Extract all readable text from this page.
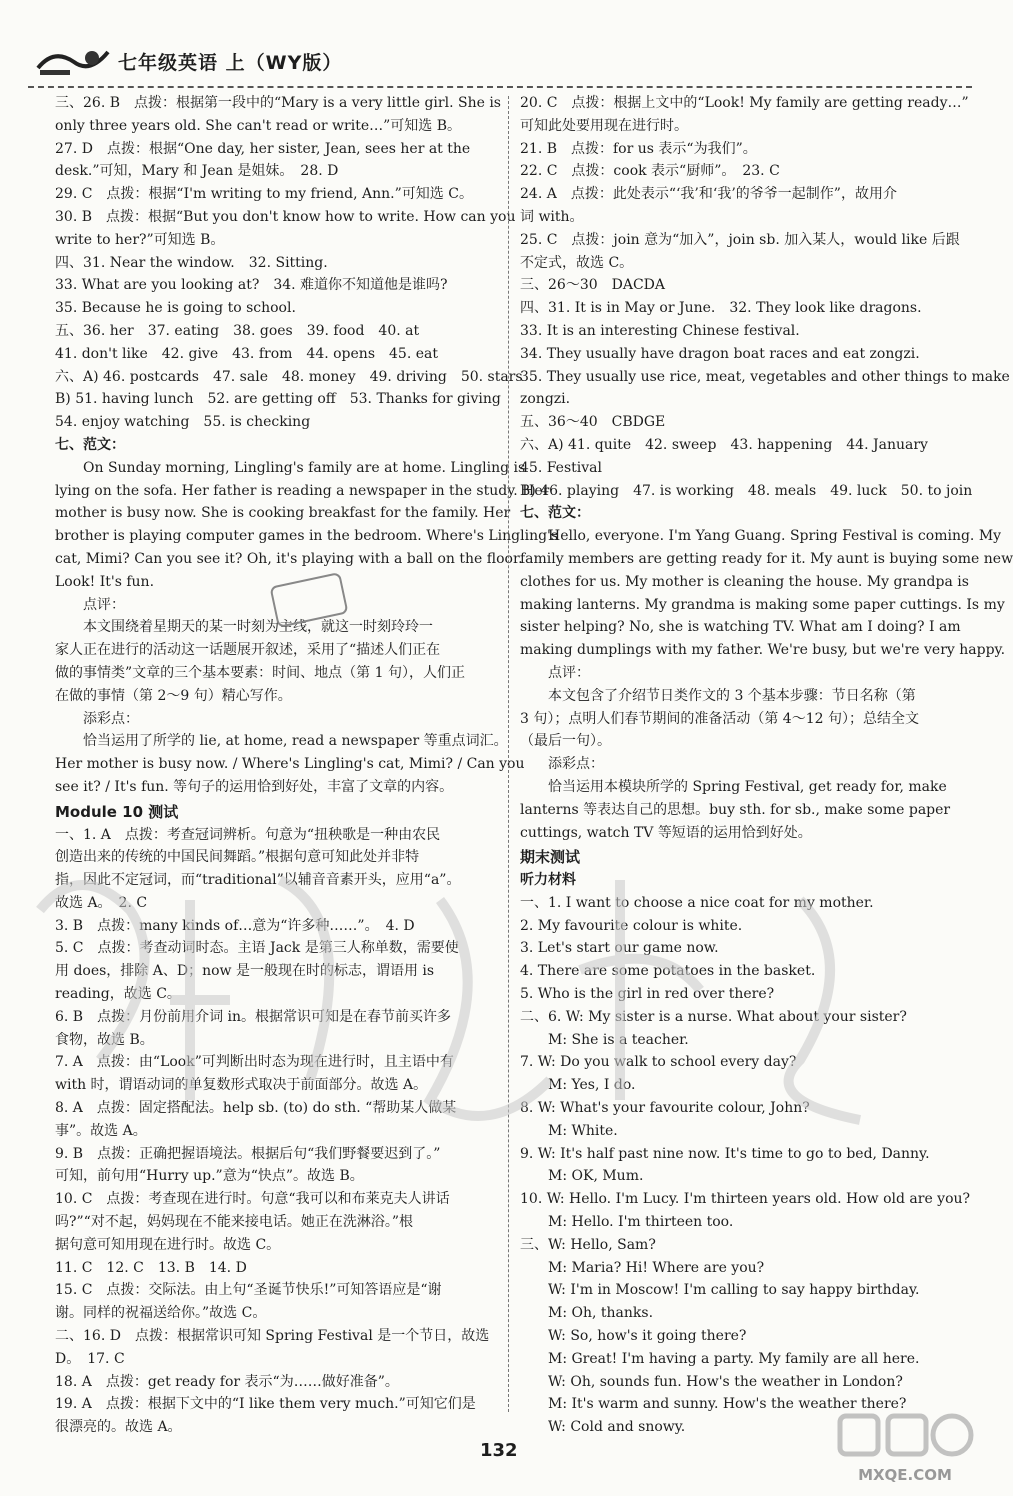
七年级英语 上（WY版）
三、26. B　点拨：根据第一段中的“Mary is a very little girl. She is
only three years old. She can't read or write…”可知选 B。
27. D　点拨：根据“One day, her sister, Jean, sees her at the
desk.”可知，Mary 和 Jean 是姐妹。　28. D
29. C　点拨：根据“I'm writing to my friend, Ann.”可知选 C。
30. B　点拨：根据“But you don't know how to write. How can you
write to her?”可知选 B。
四、31. Near the window.　32. Sitting.
33. What are you looking at?　34. 难道你不知道他是谁吗?
35. Because he is going to school.
五、36. her　37. eating　38. goes　39. food　40. at
41. don't like　42. give　43. from　44. opens　45. eat
六、A) 46. postcards　47. sale　48. money　49. driving　50. stars
B) 51. having lunch　52. are getting off　53. Thanks for giving
54. enjoy watching　55. is checking
七、范文：
　　On Sunday morning, Lingling's family are at home. Lingling is
lying on the sofa. Her father is reading a newspaper in the study. Her
mother is busy now. She is cooking breakfast for the family. Her
brother is playing computer games in the bedroom. Where's Lingling's
cat, Mimi? Can you see it? Oh, it's playing with a ball on the floor.
Look! It's fun.
　　点评：
　　本文围绕着星期天的某一时刻为主线，就这一时刻玲玲一
家人正在进行的活动这一话题展开叙述，采用了“描述人们正在
做的事情类”文章的三个基本要素：时间、地点（第 1 句），人们正
在做的事情（第 2～9 句）精心写作。
　　添彩点：
　　恰当运用了所学的 lie, at home, read a newspaper 等重点词汇。
Her mother is busy now. / Where's Lingling's cat, Mimi? / Can you
see it? / It's fun. 等句子的运用恰到好处，丰富了文章的内容。
Module 10 测试
一、1. A　点拨：考查冠词辨析。句意为“扭秧歌是一种由农民
创造出来的传统的中国民间舞蹈。”根据句意可知此处并非特
指，因此不定冠词，而“traditional”以辅音音素开头，应用“a”。
故选 A。　2. C
3. B　点拨：many kinds of…意为“许多种……”。　4. D
5. C　点拨：考查动词时态。主语 Jack 是第三人称单数，需要使
用 does，排除 A、D；now 是一般现在时的标志，谓语用 is
reading，故选 C。
6. B　点拨：月份前用介词 in。根据常识可知是在春节前买许多
食物，故选 B。
7. A　点拨：由“Look”可判断出时态为现在进行时，且主语中有
with 时，谓语动词的单复数形式取决于前面部分。故选 A。
8. A　点拨：固定搭配法。help sb. (to) do sth. “帮助某人做某
事”。故选 A。
9. B　点拨：正确把握语境法。根据后句“我们野餐要迟到了。”
可知，前句用“Hurry up.”意为“快点”。故选 B。
10. C　点拨：考查现在进行时。句意“我可以和布莱克夫人讲话
吗?”“对不起，妈妈现在不能来接电话。她正在洗淋浴。”根
据句意可知用现在进行时。故选 C。
11. C　12. C　13. B　14. D
15. C　点拨：交际法。由上句“圣诞节快乐!”可知答语应是“谢
谢。同样的祝福送给你。”故选 C。
二、16. D　点拨：根据常识可知 Spring Festival 是一个节日，故选
D。　17. C
18. A　点拨：get ready for 表示“为……做好准备”。
19. A　点拨：根据下文中的“I like them very much.”可知它们是
很漂亮的。故选 A。
20. C　点拨：根据上文中的“Look! My family are getting ready…”
可知此处要用现在进行时。
21. B　点拨：for us 表示“为我们”。
22. C　点拨：cook 表示“厨师”。　23. C
24. A　点拨：此处表示“‘我’和‘我’的爷爷一起制作”，故用介
词 with。
25. C　点拨：join 意为“加入”，join sb. 加入某人，would like 后跟
不定式，故选 C。
三、26～30　DACDA
四、31. It is in May or June.　32. They look like dragons.
33. It is an interesting Chinese festival.
34. They usually have dragon boat races and eat zongzi.
35. They usually use rice, meat, vegetables and other things to make
zongzi.
五、36～40　CBDGE
六、A) 41. quite　42. sweep　43. happening　44. January
45. Festival
B) 46. playing　47. is working　48. meals　49. luck　50. to join
七、范文：
　　Hello, everyone. I'm Yang Guang. Spring Festival is coming. My
family members are getting ready for it. My aunt is buying some new
clothes for us. My mother is cleaning the house. My grandpa is
making lanterns. My grandma is making some paper cuttings. Is my
sister helping? No, she is watching TV. What am I doing? I am
making dumplings with my father. We're busy, but we're very happy.
　　点评：
　　本文包含了介绍节日类作文的 3 个基本步骤：节日名称（第
3 句）；点明人们春节期间的准备活动（第 4～12 句）；总结全文
（最后一句）。
　　添彩点：
　　恰当运用本模块所学的 Spring Festival, get ready for, make
lanterns 等表达自己的思想。buy sth. for sb., make some paper
cuttings, watch TV 等短语的运用恰到好处。
期末测试
听力材料
一、1. I want to choose a nice coat for my mother.
2. My favourite colour is white.
3. Let's start our game now.
4. There are some potatoes in the basket.
5. Who is the girl in red over there?
二、6. W: My sister is a nurse. What about your sister?
　　M: She is a teacher.
7. W: Do you walk to school every day?
　　M: Yes, I do.
8. W: What's your favourite colour, John?
　　M: White.
9. W: It's half past nine now. It's time to go to bed, Danny.
　　M: OK, Mum.
10. W: Hello. I'm Lucy. I'm thirteen years old. How old are you?
　　M: Hello. I'm thirteen too.
三、W: Hello, Sam?
　　M: Maria? Hi! Where are you?
　　W: I'm in Moscow! I'm calling to say happy birthday.
　　M: Oh, thanks.
　　W: So, how's it going there?
　　M: Great! I'm having a party. My family are all here.
　　W: Oh, sounds fun. How's the weather in London?
　　M: It's warm and sunny. How's the weather there?
　　W: Cold and snowy.
MXQE.COM
132
